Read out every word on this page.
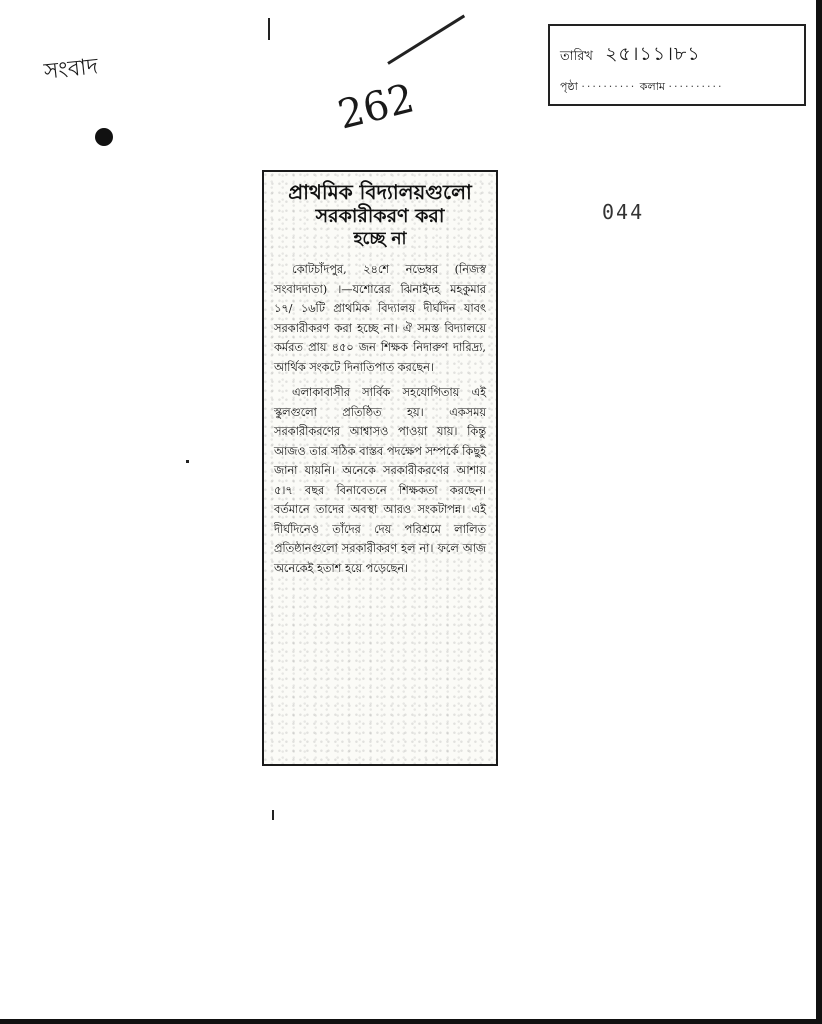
সংবাদ	তারিখ ২৫।১১।৮১
পৃষ্ঠা ·········· কলাম ··········
262
044
প্রাথমিক বিদ্যালয়গুলো
সরকারীকরণ করা
হচ্ছে না

কোটচাঁদপুর, ২৪শে নভেম্বর (নিজস্ব সংবাদদাতা) ।—যশোরের ঝিনাইদহ মহকুমার ১৭/ ১৬টি প্রাথমিক বিদ্যালয় দীর্ঘদিন যাবৎ সরকারীকরণ করা হচ্ছে না। ঐ সমস্ত বিদ্যালয়ে কর্মরত প্রায় ৪৫০ জন শিক্ষক নিদারুণ দারিদ্র্য, আর্থিক সংকটে দিনাতিপাত করছেন।

এলাকাবাসীর সার্বিক সহযোগিতায় এই স্কুলগুলো প্রতিষ্ঠিত হয়। একসময় সরকারীকরণের আশ্বাসও পাওয়া যায়। কিন্তু আজও তার সঠিক বাস্তব পদক্ষেপ সম্পর্কে কিছুই জানা যায়নি। অনেকে সরকারীকরণের আশায় ৫।৭ বছর বিনাবেতনে শিক্ষকতা করছেন। বর্তমানে তাদের অবস্থা আরও সংকটাপন্ন। এই দীর্ঘদিনেও তাঁদের দেয় পরিশ্রমে লালিত প্রতিষ্ঠানগুলো সরকারীকরণ হল না। ফলে আজ অনেকেই হতাশ হয়ে পড়েছেন।
